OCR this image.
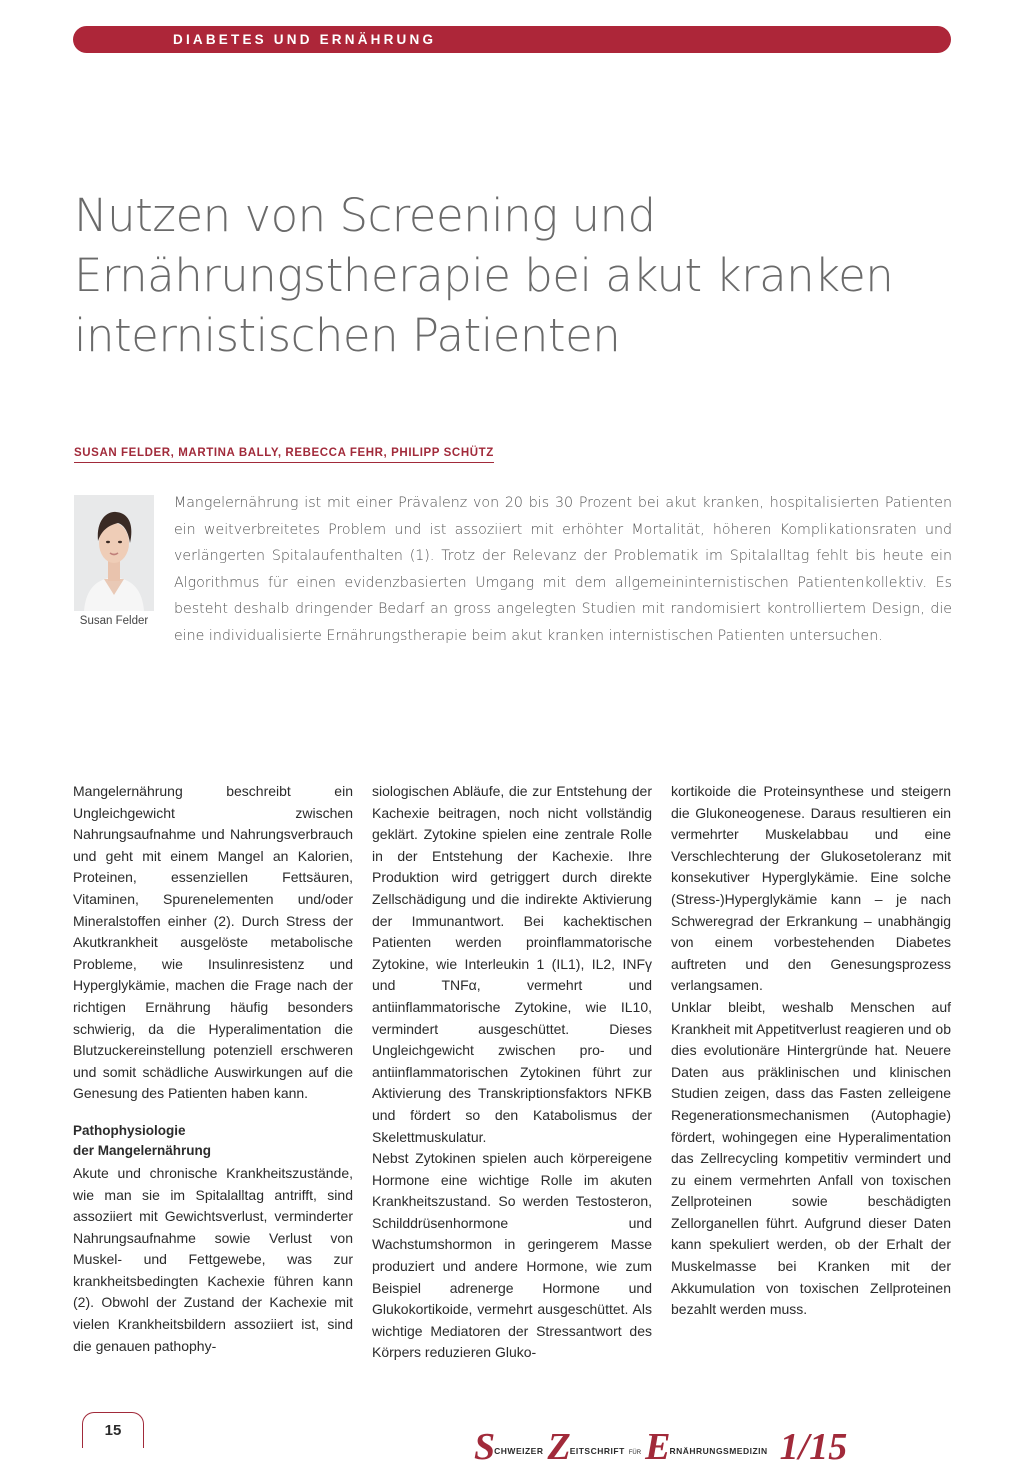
DIABETES UND ERNÄHRUNG
Nutzen von Screening und
Ernährungstherapie bei akut kranken
internistischen Patienten
SUSAN FELDER, MARTINA BALLY, REBECCA FEHR, PHILIPP SCHÜTZ
Susan Felder

Mangelernährung ist mit einer Prävalenz von 20 bis 30 Prozent bei akut kranken, hospitalisierten Patienten ein weitverbreitetes Problem und ist assoziiert mit erhöhter Mortalität, höheren Komplikationsraten und verlängerten Spitalaufenthalten (1). Trotz der Relevanz der Problematik im Spitalalltag fehlt bis heute ein Algorithmus für einen evidenzbasierten Umgang mit dem allgemeininternistischen Patientenkollektiv. Es besteht deshalb dringender Bedarf an gross angelegten Studien mit randomisiert kontrolliertem Design, die eine individualisierte Ernährungstherapie beim akut kranken internistischen Patienten untersuchen.

Mangelernährung beschreibt ein Ungleichgewicht zwischen Nahrungsaufnahme und Nahrungsverbrauch und geht mit einem Mangel an Kalorien, Proteinen, essenziellen Fettsäuren, Vitaminen, Spurenelementen und/oder Mineralstoffen einher (2). Durch Stress der Akutkrankheit ausgelöste metabolische Probleme, wie Insulinresistenz und Hyperglykämie, machen die Frage nach der richtigen Ernährung häufig besonders schwierig, da die Hyperalimentation die Blutzuckereinstellung potenziell erschweren und somit schädliche Auswirkungen auf die Genesung des Patienten haben kann.

Pathophysiologie
der Mangelernährung

Akute und chronische Krankheitszustände, wie man sie im Spitalalltag antrifft, sind assoziiert mit Gewichtsverlust, verminderter Nahrungsaufnahme sowie Verlust von Muskel- und Fettgewebe, was zur krankheitsbedingten Kachexie führen kann (2). Obwohl der Zustand der Kachexie mit vielen Krankheitsbildern assoziiert ist, sind die genauen pathophy-

siologischen Abläufe, die zur Entstehung der Kachexie beitragen, noch nicht vollständig geklärt. Zytokine spielen eine zentrale Rolle in der Entstehung der Kachexie. Ihre Produktion wird getriggert durch direkte Zellschädigung und die indirekte Aktivierung der Immunantwort. Bei kachektischen Patienten werden proinflammatorische Zytokine, wie Interleukin 1 (IL1), IL2, INFγ und TNFα, vermehrt und antiinflammatorische Zytokine, wie IL10, vermindert ausgeschüttet. Dieses Ungleichgewicht zwischen pro- und antiinflammatorischen Zytokinen führt zur Aktivierung des Transkriptionsfaktors NFKB und fördert so den Katabolismus der Skelettmuskulatur.

Nebst Zytokinen spielen auch körpereigene Hormone eine wichtige Rolle im akuten Krankheitszustand. So werden Testosteron, Schilddrüsenhormone und Wachstumshormon in geringerem Masse produziert und andere Hormone, wie zum Beispiel adrenerge Hormone und Glukokortikoide, vermehrt ausgeschüttet. Als wichtige Mediatoren der Stressantwort des Körpers reduzieren Gluko-

kortikoide die Proteinsynthese und steigern die Glukoneogenese. Daraus resultieren ein vermehrter Muskelabbau und eine Verschlechterung der Glukosetoleranz mit konsekutiver Hyperglykämie. Eine solche (Stress-)Hyperglykämie kann – je nach Schweregrad der Erkrankung – unabhängig von einem vorbestehenden Diabetes auftreten und den Genesungsprozess verlangsamen.

Unklar bleibt, weshalb Menschen auf Krankheit mit Appetitverlust reagieren und ob dies evolutionäre Hintergründe hat. Neuere Daten aus präklinischen und klinischen Studien zeigen, dass das Fasten zelleigene Regenerationsmechanismen (Autophagie) fördert, wohingegen eine Hyperalimentation das Zellrecycling kompetitiv vermindert und zu einem vermehrten Anfall von toxischen Zellproteinen sowie beschädigten Zellorganellen führt. Aufgrund dieser Daten kann spekuliert werden, ob der Erhalt der Muskelmasse bei Kranken mit der Akkumulation von toxischen Zellproteinen bezahlt werden muss.

15	$S^{CHWEIZER}$ $Z^{EITSCHRIFT}$ $^{FÜR}$ $E^{RNÄHRUNGSMEDIZIN}$ 1/15
